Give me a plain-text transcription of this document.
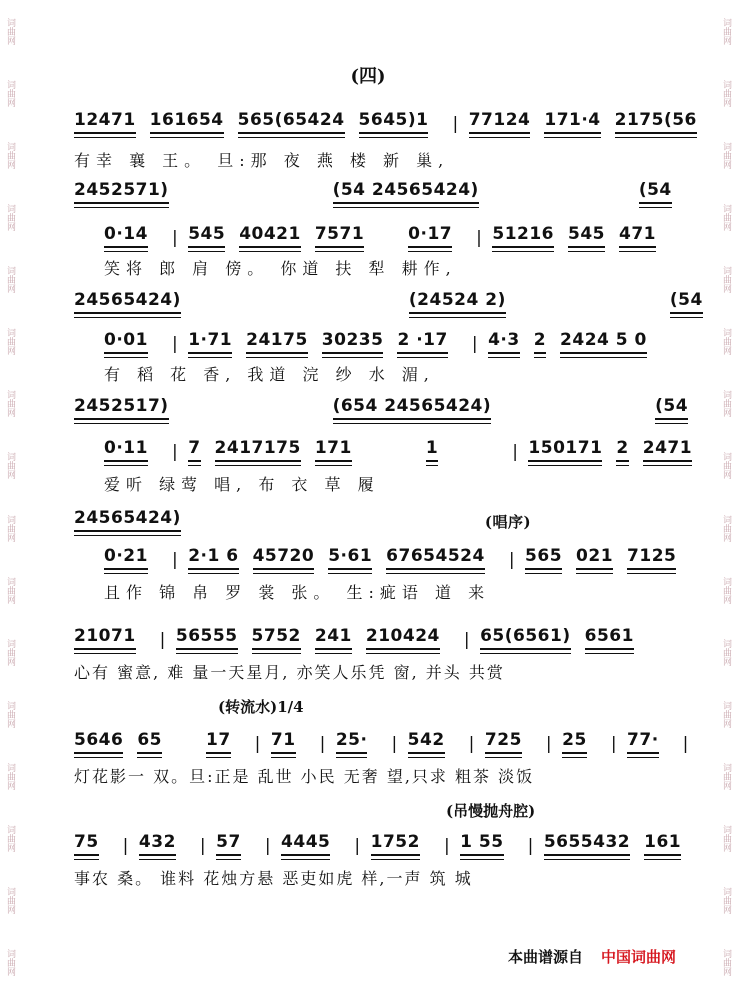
词曲网
词曲网
词曲网
词曲网
词曲网
词曲网
词曲网
词曲网
词曲网
词曲网
词曲网
词曲网
词曲网
词曲网
词曲网
词曲网
词曲网
词曲网
词曲网
词曲网
词曲网
词曲网
词曲网
词曲网
词曲网
词曲网
词曲网
词曲网
词曲网
词曲网
词曲网
词曲网
(四)
12471 161654 565(65424 5645)1 | 77124 171·4 2175(56
有幸 襄 王。 旦:那 夜 燕 楼 新 巢,
2452571)	(54 24565424)	(54
0·14 | 545 40421 7571	0·17 | 51216 545 471
笑将 郎 肩 傍。 你道 扶 犁 耕作,
24565424)	(24524 2)	(54
0·01 | 1·71 24175 30235 2 ·17 | 4·3 2 2424 5 0
有 稻 花 香, 我道 浣 纱 水 湄,
2452517)	(654 24565424)	(54
0·11 | 7 2417175 171	1	| 150171 2 2471
爱听 绿莺 唱, 布 衣 草 履
24565424)	(唱序)
0·21 | 2·1 6 45720 5·61 67654524 | 565 021 7125
且作 锦 帛 罗 裳 张。 生:疵语 道 来
21071 | 56555 5752 241 210424 | 65(6561) 6561
心有 蜜意, 难 量一天星月, 亦笑人乐凭 窗, 并头 共赏
(转流水)1/4
5646 65	17 | 71 | 25· | 542 | 725 | 25 | 77· |
灯花影一 双。旦:正是 乱世 小民 无奢 望,只求 粗茶 淡饭
(吊慢抛舟腔)
75 | 432 | 57 | 4445 | 1752 | 1 55 | 5655432 161
事农 桑。 谁料 花烛方悬 恶吏如虎 样,一声 筑 城
本曲谱源自 中国词曲网
